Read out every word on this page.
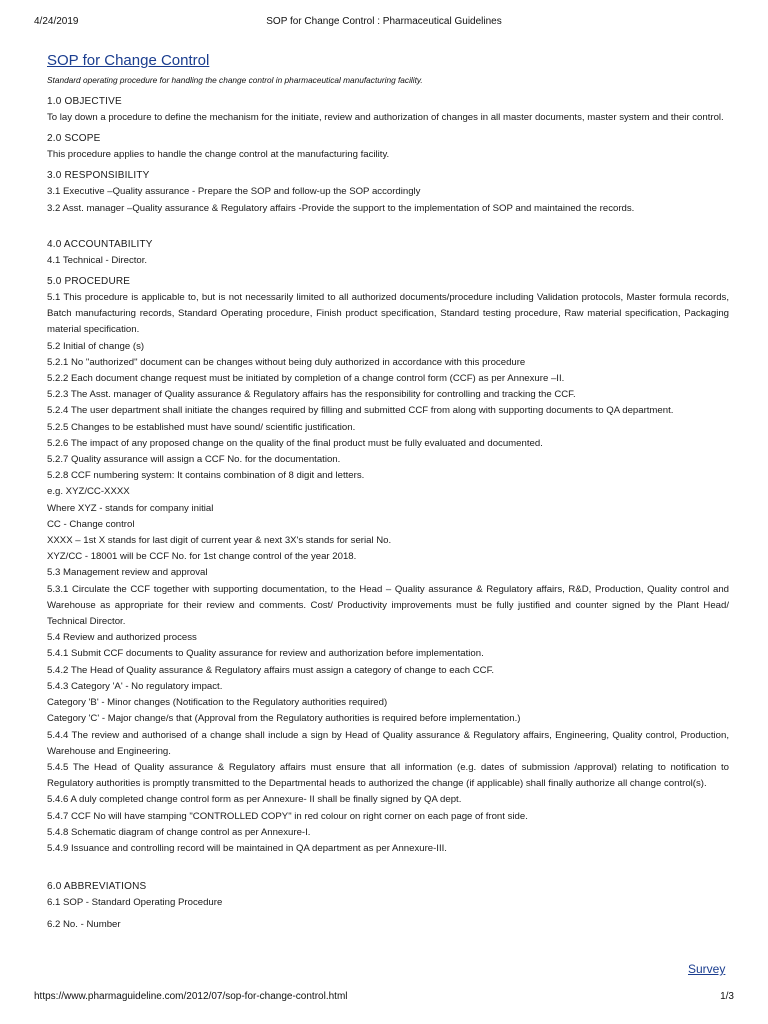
4/24/2019	SOP for Change Control : Pharmaceutical Guidelines
SOP for Change Control
Standard operating procedure for handling the change control in pharmaceutical manufacturing facility.
1.0 OBJECTIVE

To lay down a procedure to define the mechanism for the initiate, review and authorization of changes in all master documents, master system and their control.

2.0 SCOPE

This procedure applies to handle the change control at the manufacturing facility.

3.0 RESPONSIBILITY

3.1 Executive –Quality assurance - Prepare the SOP and follow-up the SOP accordingly

3.2 Asst. manager –Quality assurance & Regulatory affairs -Provide the support to the implementation of SOP and maintained the records.

4.0 ACCOUNTABILITY

4.1 Technical - Director.

5.0 PROCEDURE

5.1 This procedure is applicable to, but is not necessarily limited to all authorized documents/procedure including Validation protocols, Master formula records, Batch manufacturing records, Standard Operating procedure, Finish product specification, Standard testing procedure, Raw material specification, Packaging material specification.

5.2 Initial of change (s)

5.2.1 No "authorized" document can be changes without being duly authorized in accordance with this procedure

5.2.2 Each document change request must be initiated by completion of a change control form (CCF) as per Annexure –II.

5.2.3 The Asst. manager of Quality assurance & Regulatory affairs has the responsibility for controlling and tracking the CCF.

5.2.4 The user department shall initiate the changes required by filling and submitted CCF from along with supporting documents to QA department.

5.2.5 Changes to be established must have sound/ scientific justification.

5.2.6 The impact of any proposed change on the quality of the final product must be fully evaluated and documented.

5.2.7 Quality assurance will assign a CCF No. for the documentation.

5.2.8 CCF numbering system: It contains combination of 8 digit and letters.

e.g. XYZ/CC-XXXX

Where XYZ - stands for company initial

CC - Change control

XXXX – 1st X stands for last digit of current year & next 3X's stands for serial No.

XYZ/CC - 18001 will be CCF No. for 1st change control of the year 2018.

5.3 Management review and approval

5.3.1 Circulate the CCF together with supporting documentation, to the Head – Quality assurance & Regulatory affairs, R&D, Production, Quality control and Warehouse as appropriate for their review and comments. Cost/ Productivity improvements must be fully justified and counter signed by the Plant Head/ Technical Director.

5.4 Review and authorized process

5.4.1 Submit CCF documents to Quality assurance for review and authorization before implementation.

5.4.2 The Head of Quality assurance & Regulatory affairs must assign a category of change to each CCF.

5.4.3 Category 'A' - No regulatory impact.

Category 'B' - Minor changes (Notification to the Regulatory authorities required)

Category 'C' - Major change/s that (Approval from the Regulatory authorities is required before implementation.)

5.4.4 The review and authorised of a change shall include a sign by Head of Quality assurance & Regulatory affairs, Engineering, Quality control, Production, Warehouse and Engineering.

5.4.5 The Head of Quality assurance & Regulatory affairs must ensure that all information (e.g. dates of submission /approval) relating to notification to Regulatory authorities is promptly transmitted to the Departmental heads to authorized the change (if applicable) shall finally authorize all change control(s).

5.4.6 A duly completed change control form as per Annexure- II shall be finally signed by QA dept.

5.4.7 CCF No will have stamping "CONTROLLED COPY" in red colour on right corner on each page of front side.

5.4.8 Schematic diagram of change control as per Annexure-I.

5.4.9 Issuance and controlling record will be maintained in QA department as per Annexure-III.

6.0 ABBREVIATIONS

6.1 SOP - Standard Operating Procedure

6.2 No. - Number

Survey
https://www.pharmaguideline.com/2012/07/sop-for-change-control.html	1/3
